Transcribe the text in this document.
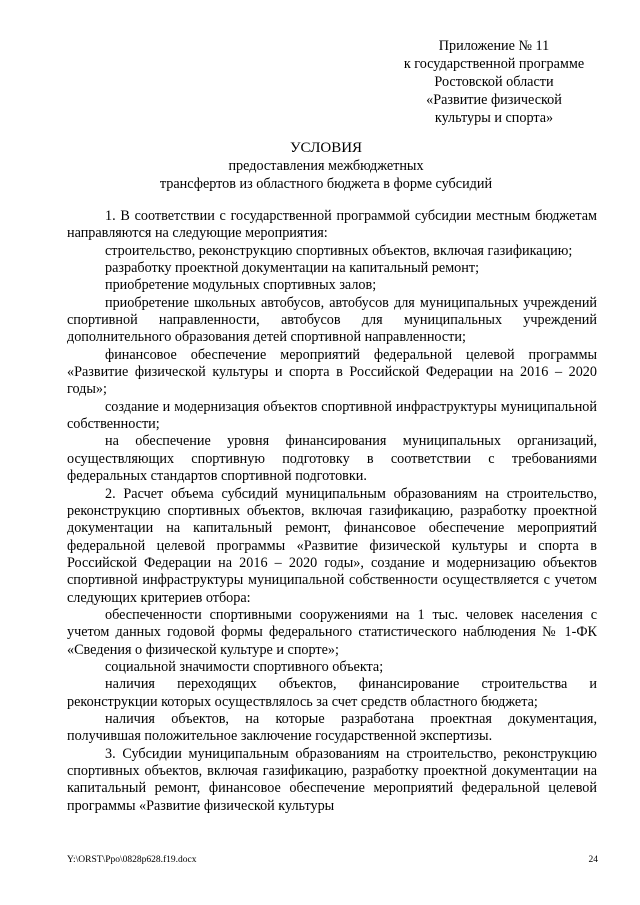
Приложение № 11
к государственной программе
Ростовской области
«Развитие физической
культуры и спорта»
УСЛОВИЯ
предоставления межбюджетных
трансфертов из областного бюджета в форме субсидий

1. В соответствии с государственной программой субсидии местным бюджетам направляются на следующие мероприятия:

строительство, реконструкцию спортивных объектов, включая газификацию;

разработку проектной документации на капитальный ремонт;

приобретение модульных спортивных залов;

приобретение школьных автобусов, автобусов для муниципальных учреждений спортивной направленности, автобусов для муниципальных учреждений дополнительного образования детей спортивной направленности;

финансовое обеспечение мероприятий федеральной целевой программы «Развитие физической культуры и спорта в Российской Федерации на 2016 – 2020 годы»;

создание и модернизация объектов спортивной инфраструктуры муниципальной собственности;

на обеспечение уровня финансирования муниципальных организаций, осуществляющих спортивную подготовку в соответствии с требованиями федеральных стандартов спортивной подготовки.

2. Расчет объема субсидий муниципальным образованиям на строительство, реконструкцию спортивных объектов, включая газификацию, разработку проектной документации на капитальный ремонт, финансовое обеспечение мероприятий федеральной целевой программы «Развитие физической культуры и спорта в Российской Федерации на 2016 – 2020 годы», создание и модернизацию объектов спортивной инфраструктуры муниципальной собственности осуществляется с учетом следующих критериев отбора:

обеспеченности спортивными сооружениями на 1 тыс. человек населения с учетом данных годовой формы федерального статистического наблюдения № 1-ФК «Сведения о физической культуре и спорте»;

социальной значимости спортивного объекта;

наличия переходящих объектов, финансирование строительства и реконструкции которых осуществлялось за счет средств областного бюджета;

наличия объектов, на которые разработана проектная документация, получившая положительное заключение государственной экспертизы.

3. Субсидии муниципальным образованиям на строительство, реконструкцию спортивных объектов, включая газификацию, разработку проектной документации на капитальный ремонт, финансовое обеспечение мероприятий федеральной целевой программы «Развитие физической культуры

Y:\ORST\Ppo\0828p628.f19.docx	24
